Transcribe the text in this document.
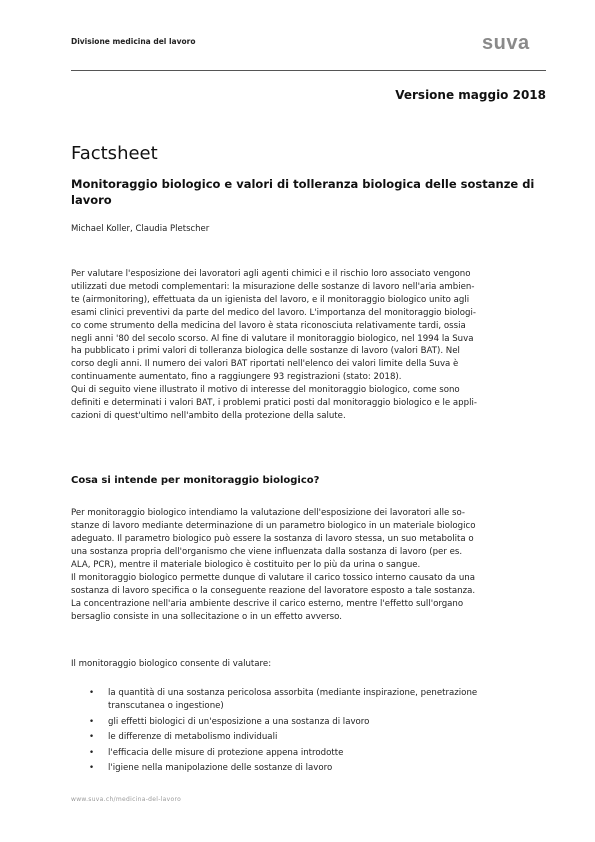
Divisione medicina del lavoro	suva
Versione maggio 2018
Factsheet
Monitoraggio biologico e valori di tolleranza biologica delle sostanze di lavoro
Michael Koller, Claudia Pletscher
Per valutare l'esposizione dei lavoratori agli agenti chimici e il rischio loro associato vengono
utilizzati due metodi complementari: la misurazione delle sostanze di lavoro nell'aria ambien-
te (airmonitoring), effettuata da un igienista del lavoro, e il monitoraggio biologico unito agli
esami clinici preventivi da parte del medico del lavoro. L'importanza del monitoraggio biologi-
co come strumento della medicina del lavoro è stata riconosciuta relativamente tardi, ossia
negli anni '80 del secolo scorso. Al fine di valutare il monitoraggio biologico, nel 1994 la Suva
ha pubblicato i primi valori di tolleranza biologica delle sostanze di lavoro (valori BAT). Nel
corso degli anni. Il numero dei valori BAT riportati nell'elenco dei valori limite della Suva è
continuamente aumentato, fino a raggiungere 93 registrazioni (stato: 2018).
Qui di seguito viene illustrato il motivo di interesse del monitoraggio biologico, come sono
definiti e determinati i valori BAT, i problemi pratici posti dal monitoraggio biologico e le appli-
cazioni di quest'ultimo nell'ambito della protezione della salute.
Cosa si intende per monitoraggio biologico?
Per monitoraggio biologico intendiamo la valutazione dell'esposizione dei lavoratori alle so-
stanze di lavoro mediante determinazione di un parametro biologico in un materiale biologico
adeguato. Il parametro biologico può essere la sostanza di lavoro stessa, un suo metabolita o
una sostanza propria dell'organismo che viene influenzata dalla sostanza di lavoro (per es.
ALA, PCR), mentre il materiale biologico è costituito per lo più da urina o sangue.
Il monitoraggio biologico permette dunque di valutare il carico tossico interno causato da una
sostanza di lavoro specifica o la conseguente reazione del lavoratore esposto a tale sostanza.
La concentrazione nell'aria ambiente descrive il carico esterno, mentre l'effetto sull'organo
bersaglio consiste in una sollecitazione o in un effetto avverso.
Il monitoraggio biologico consente di valutare:
• la quantità di una sostanza pericolosa assorbita (mediante inspirazione, penetrazione
transcutanea o ingestione)
• gli effetti biologici di un'esposizione a una sostanza di lavoro
• le differenze di metabolismo individuali
• l'efficacia delle misure di protezione appena introdotte
• l'igiene nella manipolazione delle sostanze di lavoro
www.suva.ch/medicina-del-lavoro
